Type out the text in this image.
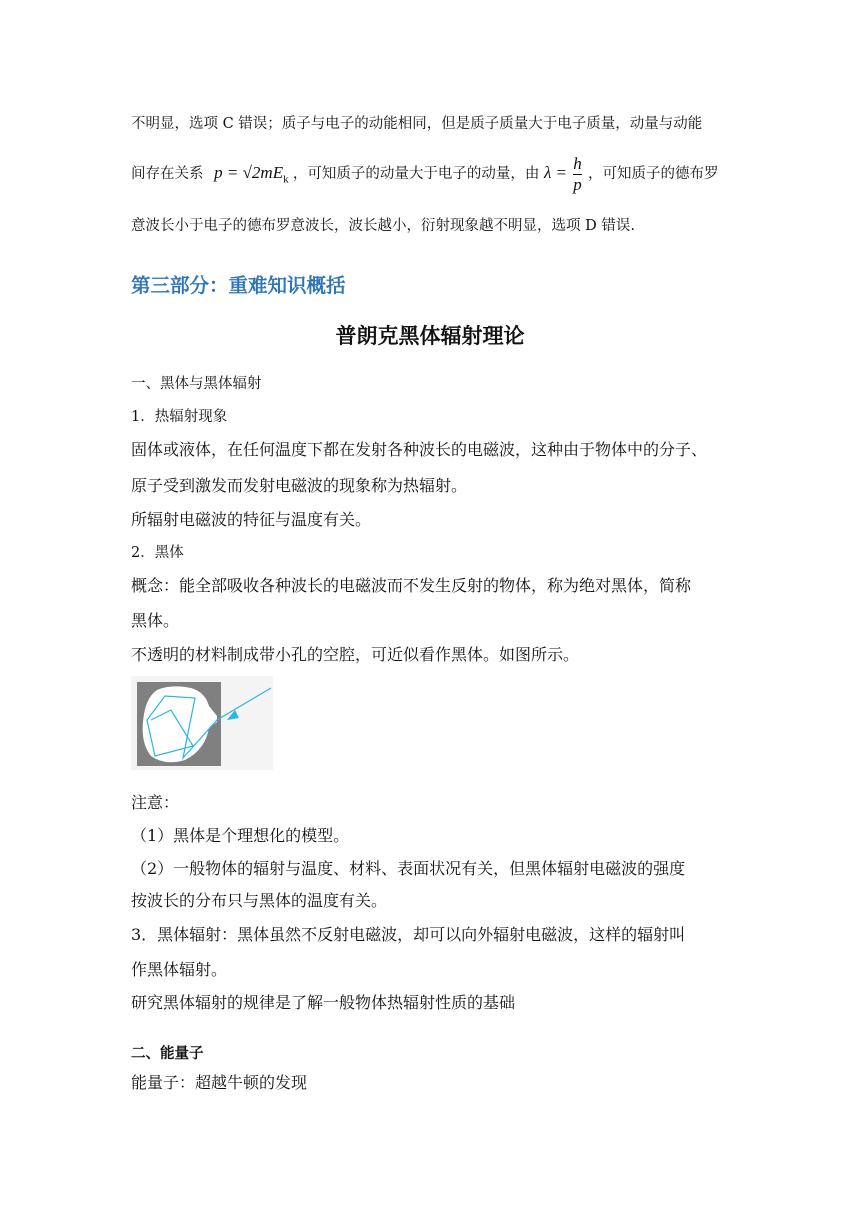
不明显，选项 C 错误；质子与电子的动能相同，但是质子质量大于电子质量，动量与动能
间存在关系 $p = √2mE_k$ ，可知质子的动量大于电子的动量，由 $\lambda = \frac{h}{p}$ ，可知质子的德布罗
意波长小于电子的德布罗意波长，波长越小，衍射现象越不明显，选项 D 错误.
第三部分：重难知识概括
普朗克黑体辐射理论
一、黑体与黑体辐射
1．热辐射现象
固体或液体，在任何温度下都在发射各种波长的电磁波，这种由于物体中的分子、
原子受到激发而发射电磁波的现象称为热辐射。
所辐射电磁波的特征与温度有关。
2．黑体
概念：能全部吸收各种波长的电磁波而不发生反射的物体，称为绝对黑体，简称
黑体。
不透明的材料制成带小孔的空腔，可近似看作黑体。如图所示。
注意：
（1）黑体是个理想化的模型。
（2）一般物体的辐射与温度、材料、表面状况有关，但黑体辐射电磁波的强度
按波长的分布只与黑体的温度有关。
3．黑体辐射：黑体虽然不反射电磁波，却可以向外辐射电磁波，这样的辐射叫
作黑体辐射。
研究黑体辐射的规律是了解一般物体热辐射性质的基础
二、能量子
能量子：超越牛顿的发现
